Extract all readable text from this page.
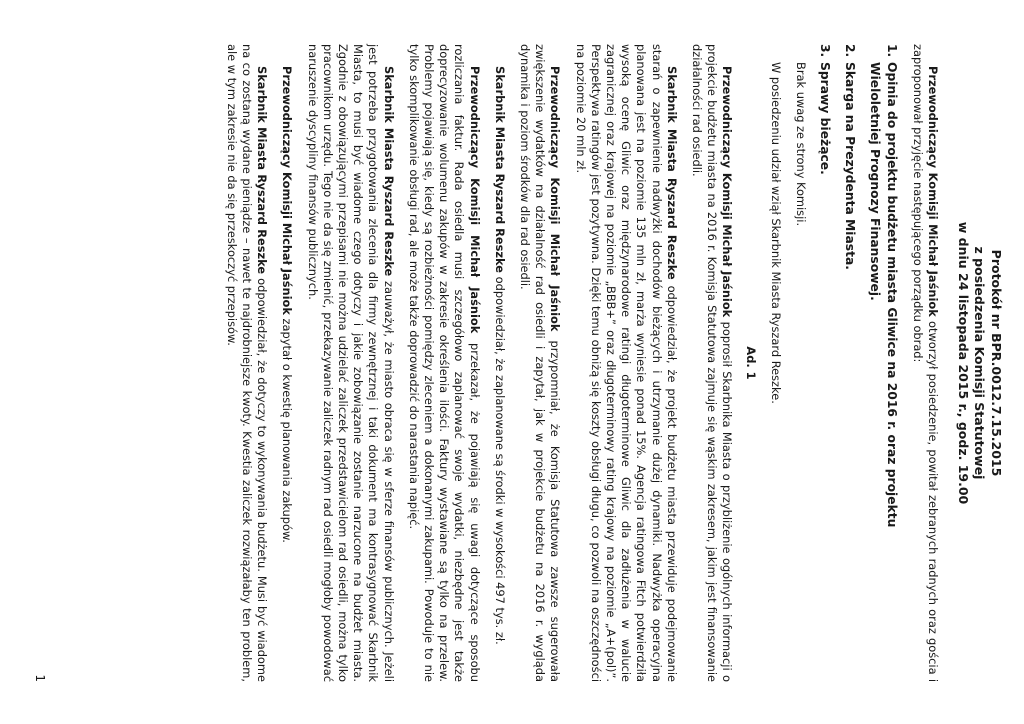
Protokół nr BPR.0012.7.15.2015
z posiedzenia Komisji Statutowej
w dniu 24 listopada 2015 r., godz. 19.00

Przewodniczący Komisji Michał Jaśniok otworzył posiedzenie, powitał zebranych radnych oraz gościa i zaproponował przyjęcie następującego porządku obrad:

1.Opinia do projektu budżetu miasta Gliwice na 2016 r. oraz projektu
Wieloletniej Prognozy Finansowej.
2.Skarga na Prezydenta Miasta.
3.Sprawy bieżące.

Brak uwag ze strony Komisji.

W posiedzeniu udział wziął Skarbnik Miasta Ryszard Reszke.

Ad. 1

Przewodniczący Komisji Michał Jaśniok poprosił Skarbnika Miasta o przybliżenie ogólnych informacji o projekcie budżetu miasta na 2016 r. Komisja Statutowa zajmuje się wąskim zakresem, jakim jest finansowanie działalności rad osiedli.

Skarbnik Miasta Ryszard Reszke odpowiedział, że projekt budżetu miasta przewiduje podejmowanie starań o zapewnienie nadwyżki dochodów bieżących i utrzymanie dużej dynamiki. Nadwyżka operacyjna planowana jest na poziomie 135 mln zł, marża wyniesie ponad 15%. Agencja ratingowa Fitch potwierdziła wysoką ocenę Gliwic oraz międzynarodowe ratingi długoterminowe Gliwic dla zadłużenia w walucie zagranicznej oraz krajowej na poziomie „BBB+” oraz długoterminowy rating krajowy na poziomie „A+(pol)”. Perspektywa ratingów jest pozytywna. Dzięki temu obniżą się koszty obsługi długu, co pozwoli na oszczędności na poziomie 20 mln zł.

Przewodniczący Komisji Michał Jaśniok przypomniał, że Komisja Statutowa zawsze sugerowała zwiększenie wydatków na działalność rad osiedli i zapytał, jak w projekcie budżetu na 2016 r. wygląda dynamika i poziom środków dla rad osiedli.

Skarbnik Miasta Ryszard Reszke odpowiedział, że zaplanowane są środki w wysokości 497 tys. zł.

Przewodniczący Komisji Michał Jaśniok przekazał, że pojawiają się uwagi dotyczące sposobu rozliczania faktur. Rada osiedla musi szczegółowo zaplanować swoje wydatki, niezbędne jest także doprecyzowanie wolumenu zakupów w zakresie określenia ilości. Faktury wystawiane są tylko na przelew. Problemy pojawiają się, kiedy są rozbieżności pomiędzy zleceniem a dokonanymi zakupami. Powoduje to nie tylko skomplikowanie obsługi rad, ale może także doprowadzić do narastania napięć.

Skarbnik Miasta Ryszard Reszke zauważył, że miasto obraca się w sferze finansów publicznych. Jeżeli jest potrzeba przygotowania zlecenia dla firmy zewnętrznej i taki dokument ma kontrasygnować Skarbnik Miasta, to musi być wiadome czego dotyczy i jakie zobowiązanie zostanie narzucone na budżet miasta. Zgodnie z obowiązującymi przepisami nie można udzielać zaliczek przedstawicielom rad osiedli, można tylko pracownikom urzędu. Tego nie da się zmienić, przekazywanie zaliczek radnym rad osiedli mogłoby powodować naruszenie dyscypliny finansów publicznych.

Przewodniczący Komisji Michał Jaśniok zapytał o kwestię planowania zakupów.

Skarbnik Miasta Ryszard Reszke odpowiedział, że dotyczy to wykonywania budżetu. Musi być wiadome na co zostaną wydane pieniądze – nawet te najdrobniejsze kwoty. Kwestia zaliczek rozwiązałaby ten problem, ale w tym zakresie nie da się przeskoczyć przepisów.

1
